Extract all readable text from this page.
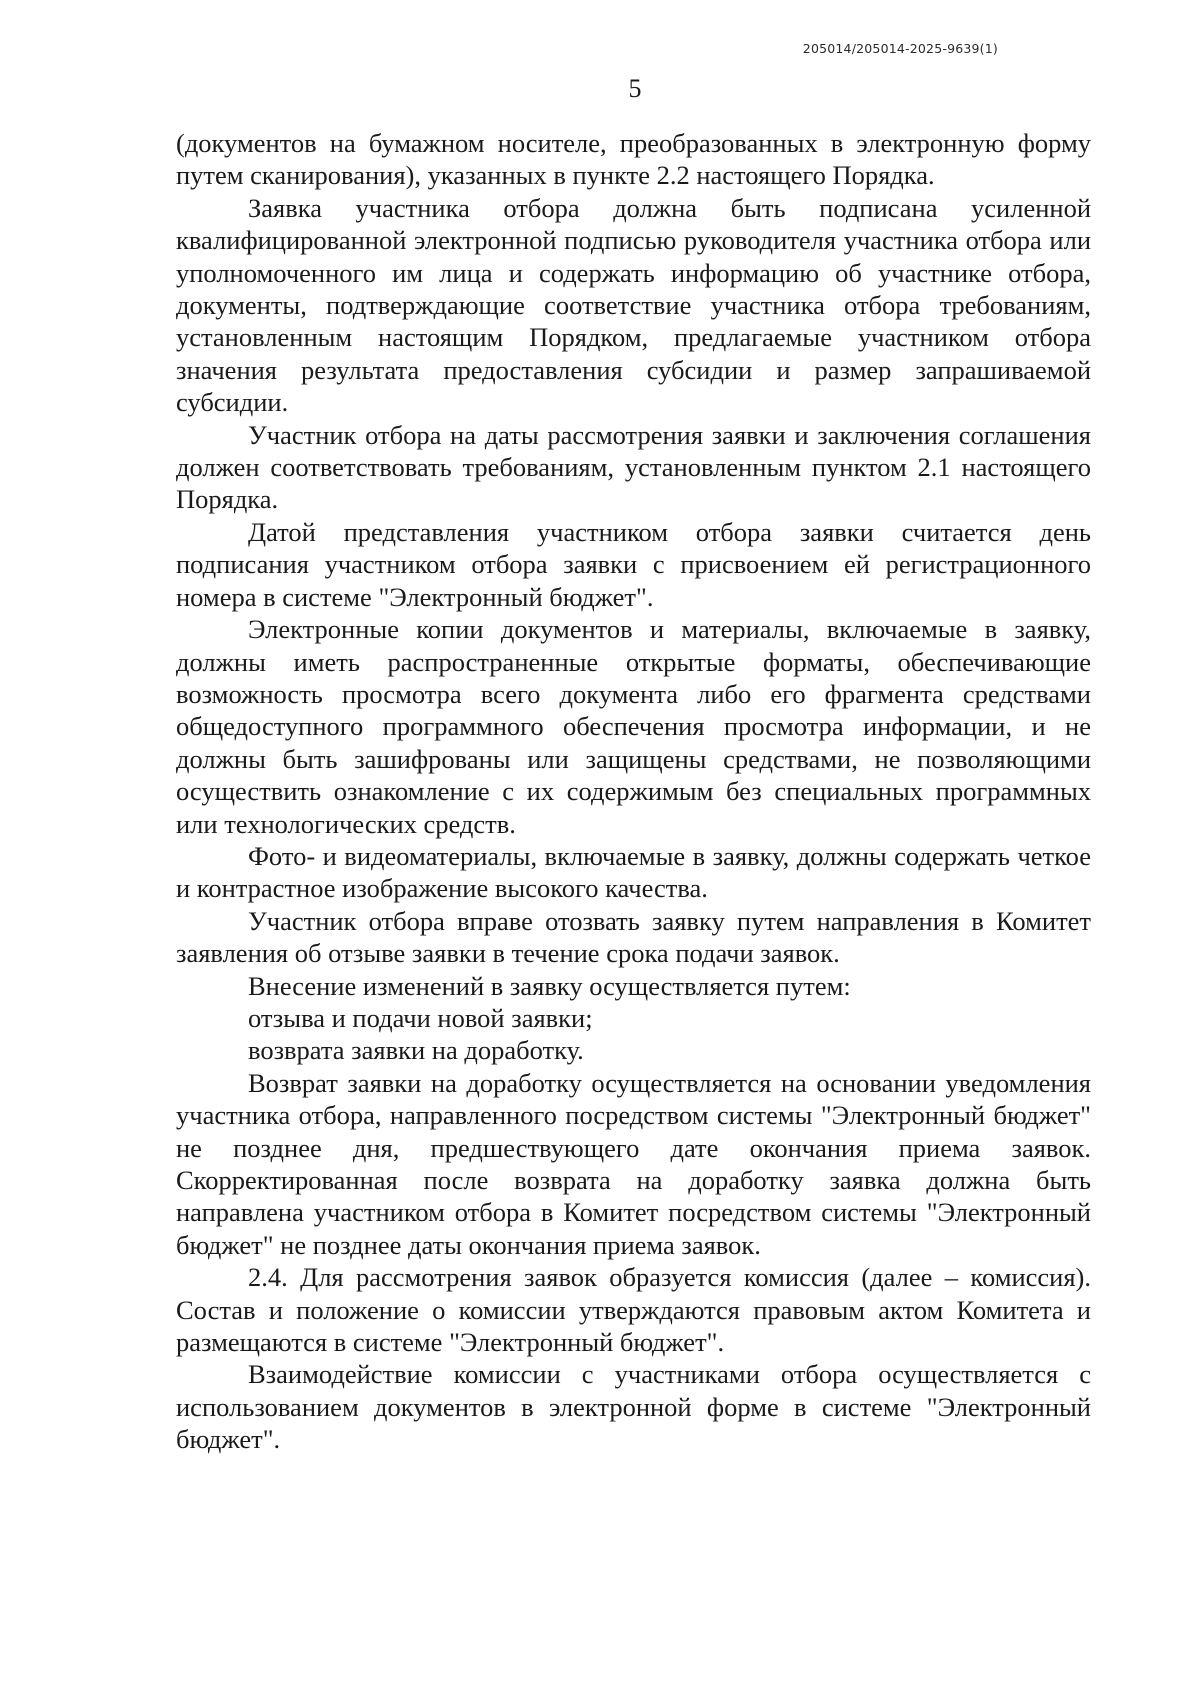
205014/205014-2025-9639(1)
5

(документов на бумажном носителе, преобразованных в электронную форму путем сканирования), указанных в пункте 2.2 настоящего Порядка.

Заявка участника отбора должна быть подписана усиленной квалифицированной электронной подписью руководителя участника отбора или уполномоченного им лица и содержать информацию об участнике отбора, документы, подтверждающие соответствие участника отбора требованиям, установленным настоящим Порядком, предлагаемые участником отбора значения результата предоставления субсидии и размер запрашиваемой субсидии.

Участник отбора на даты рассмотрения заявки и заключения соглашения должен соответствовать требованиям, установленным пунктом 2.1 настоящего Порядка.

Датой представления участником отбора заявки считается день подписания участником отбора заявки с присвоением ей регистрационного номера в системе "Электронный бюджет".

Электронные копии документов и материалы, включаемые в заявку, должны иметь распространенные открытые форматы, обеспечивающие возможность просмотра всего документа либо его фрагмента средствами общедоступного программного обеспечения просмотра информации, и не должны быть зашифрованы или защищены средствами, не позволяющими осуществить ознакомление с их содержимым без специальных программных или технологических средств.

Фото- и видеоматериалы, включаемые в заявку, должны содержать четкое и контрастное изображение высокого качества.

Участник отбора вправе отозвать заявку путем направления в Комитет заявления об отзыве заявки в течение срока подачи заявок.

Внесение изменений в заявку осуществляется путем:

отзыва и подачи новой заявки;

возврата заявки на доработку.

Возврат заявки на доработку осуществляется на основании уведомления участника отбора, направленного посредством системы "Электронный бюджет" не позднее дня, предшествующего дате окончания приема заявок. Скорректированная после возврата на доработку заявка должна быть направлена участником отбора в Комитет посредством системы "Электронный бюджет" не позднее даты окончания приема заявок.

2.4. Для рассмотрения заявок образуется комиссия (далее – комиссия). Состав и положение о комиссии утверждаются правовым актом Комитета и размещаются в системе "Электронный бюджет".

Взаимодействие комиссии с участниками отбора осуществляется с использованием документов в электронной форме в системе "Электронный бюджет".
